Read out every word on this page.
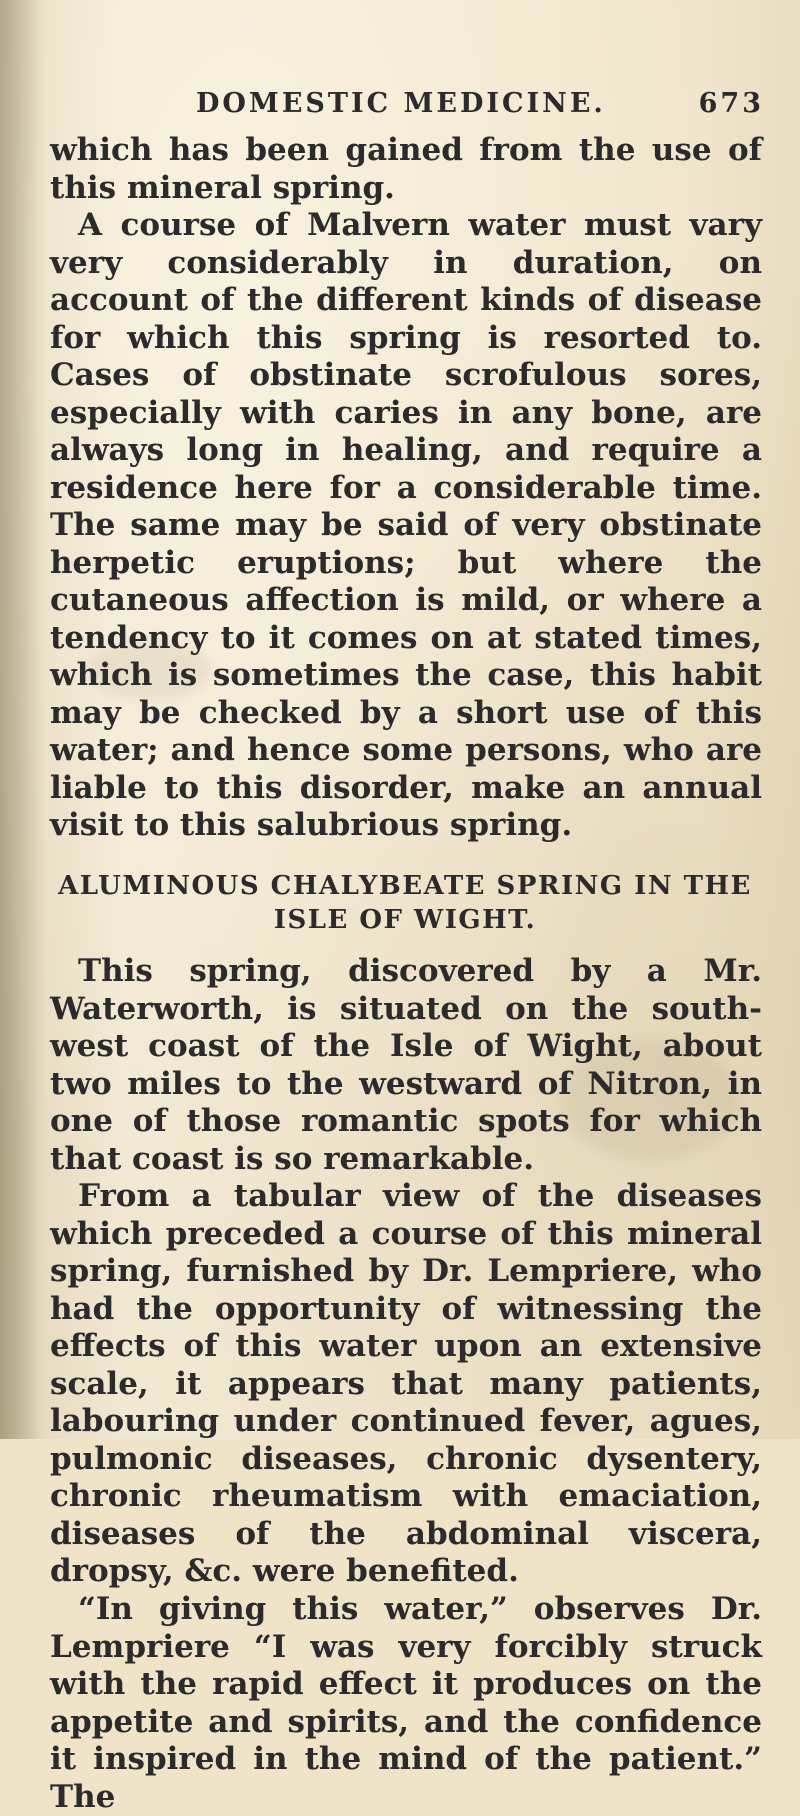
DOMESTIC MEDICINE.	673

which has been gained from the use of this mineral spring.

A course of Malvern water must vary very considerably in duration, on account of the different kinds of disease for which this spring is resorted to. Cases of obstinate scrofulous sores, especially with caries in any bone, are always long in healing, and require a residence here for a considerable time. The same may be said of very obstinate herpetic eruptions; but where the cutaneous affection is mild, or where a tendency to it comes on at stated times, which is sometimes the case, this habit may be checked by a short use of this water; and hence some persons, who are liable to this disorder, make an annual visit to this salubrious spring.

ALUMINOUS CHALYBEATE SPRING IN THE ISLE OF WIGHT.

This spring, discovered by a Mr. Waterworth, is situated on the south-west coast of the Isle of Wight, about two miles to the westward of Nitron, in one of those romantic spots for which that coast is so remarkable.

From a tabular view of the diseases which preceded a course of this mineral spring, furnished by Dr. Lempriere, who had the opportunity of witnessing the effects of this water upon an extensive scale, it appears that many patients, labouring under continued fever, agues, pulmonic diseases, chronic dysentery, chronic rheumatism with emaciation, diseases of the abdominal viscera, dropsy, &c. were benefited.

“In giving this water,” observes Dr. Lempriere “I was very forcibly struck with the rapid effect it produces on the appetite and spirits, and the confidence it inspired in the mind of the patient.” The
